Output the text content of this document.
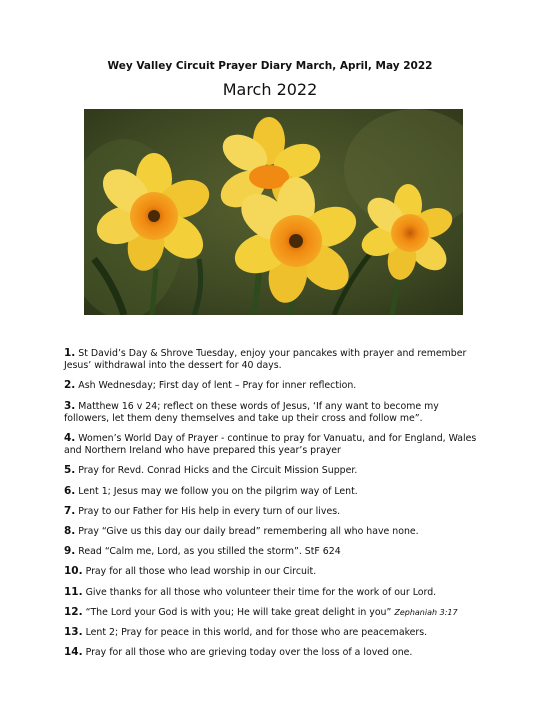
Wey Valley Circuit Prayer Diary March, April, May 2022
March 2022
1. St David’s Day & Shrove Tuesday, enjoy your pancakes with prayer and remember Jesus’ withdrawal into the dessert for 40 days.
2. Ash Wednesday; First day of lent – Pray for inner reflection.
3. Matthew 16 v 24; reflect on these words of Jesus, ‘If any want to become my followers, let them deny themselves and take up their cross and follow me”.
4. Women’s World Day of Prayer - continue to pray for Vanuatu, and for England, Wales and Northern Ireland who have prepared this year’s prayer
5. Pray for Revd. Conrad Hicks and the Circuit Mission Supper.
6. Lent 1; Jesus may we follow you on the pilgrim way of Lent.
7. Pray to our Father for His help in every turn of our lives.
8. Pray “Give us this day our daily bread” remembering all who have none.
9. Read “Calm me, Lord, as you stilled the storm”. StF 624
10. Pray for all those who lead worship in our Circuit.
11. Give thanks for all those who volunteer their time for the work of our Lord.
12. “The Lord your God is with you; He will take great delight in you” Zephaniah 3:17
13. Lent 2; Pray for peace in this world, and for those who are peacemakers.
14. Pray for all those who are grieving today over the loss of a loved one.
